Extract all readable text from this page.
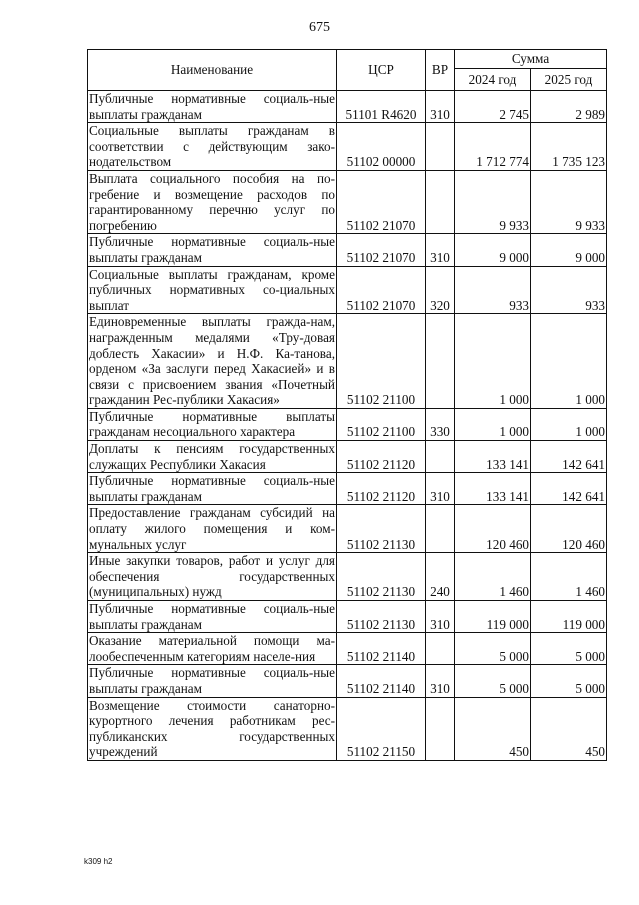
675
Наименование	ЦСР	ВР	Сумма	
			2024 год	2025 год
Публичные нормативные социаль-ные выплаты гражданам	51101 R4620	310	2 745	2 989
Социальные выплаты гражданам в соответствии с действующим зако-нодательством	51102 00000		1 712 774	1 735 123
Выплата социального пособия на по-гребение и возмещение расходов по гарантированному перечню услуг по погребению	51102 21070		9 933	9 933
Публичные нормативные социаль-ные выплаты гражданам	51102 21070	310	9 000	9 000
Социальные выплаты гражданам, кроме публичных нормативных со-циальных выплат	51102 21070	320	933	933
Единовременные выплаты гражда-нам, награжденным медалями «Тру-довая доблесть Хакасии» и Н.Ф. Ка-танова, орденом «За заслуги перед Хакасией» и в связи с присвоением звания «Почетный гражданин Рес-публики Хакасия»	51102 21100		1 000	1 000
Публичные нормативные выплаты гражданам несоциального характера	51102 21100	330	1 000	1 000
Доплаты к пенсиям государственных служащих Республики Хакасия	51102 21120		133 141	142 641
Публичные нормативные социаль-ные выплаты гражданам	51102 21120	310	133 141	142 641
Предоставление гражданам субсидий на оплату жилого помещения и ком-мунальных услуг	51102 21130		120 460	120 460
Иные закупки товаров, работ и услуг для обеспечения государственных (муниципальных) нужд	51102 21130	240	1 460	1 460
Публичные нормативные социаль-ные выплаты гражданам	51102 21130	310	119 000	119 000
Оказание материальной помощи ма-лообеспеченным категориям населе-ния	51102 21140		5 000	5 000
Публичные нормативные социаль-ные выплаты гражданам	51102 21140	310	5 000	5 000
Возмещение стоимости санаторно-курортного лечения работникам рес-публиканских государственных учреждений	51102 21150		450	450
k309 h2
